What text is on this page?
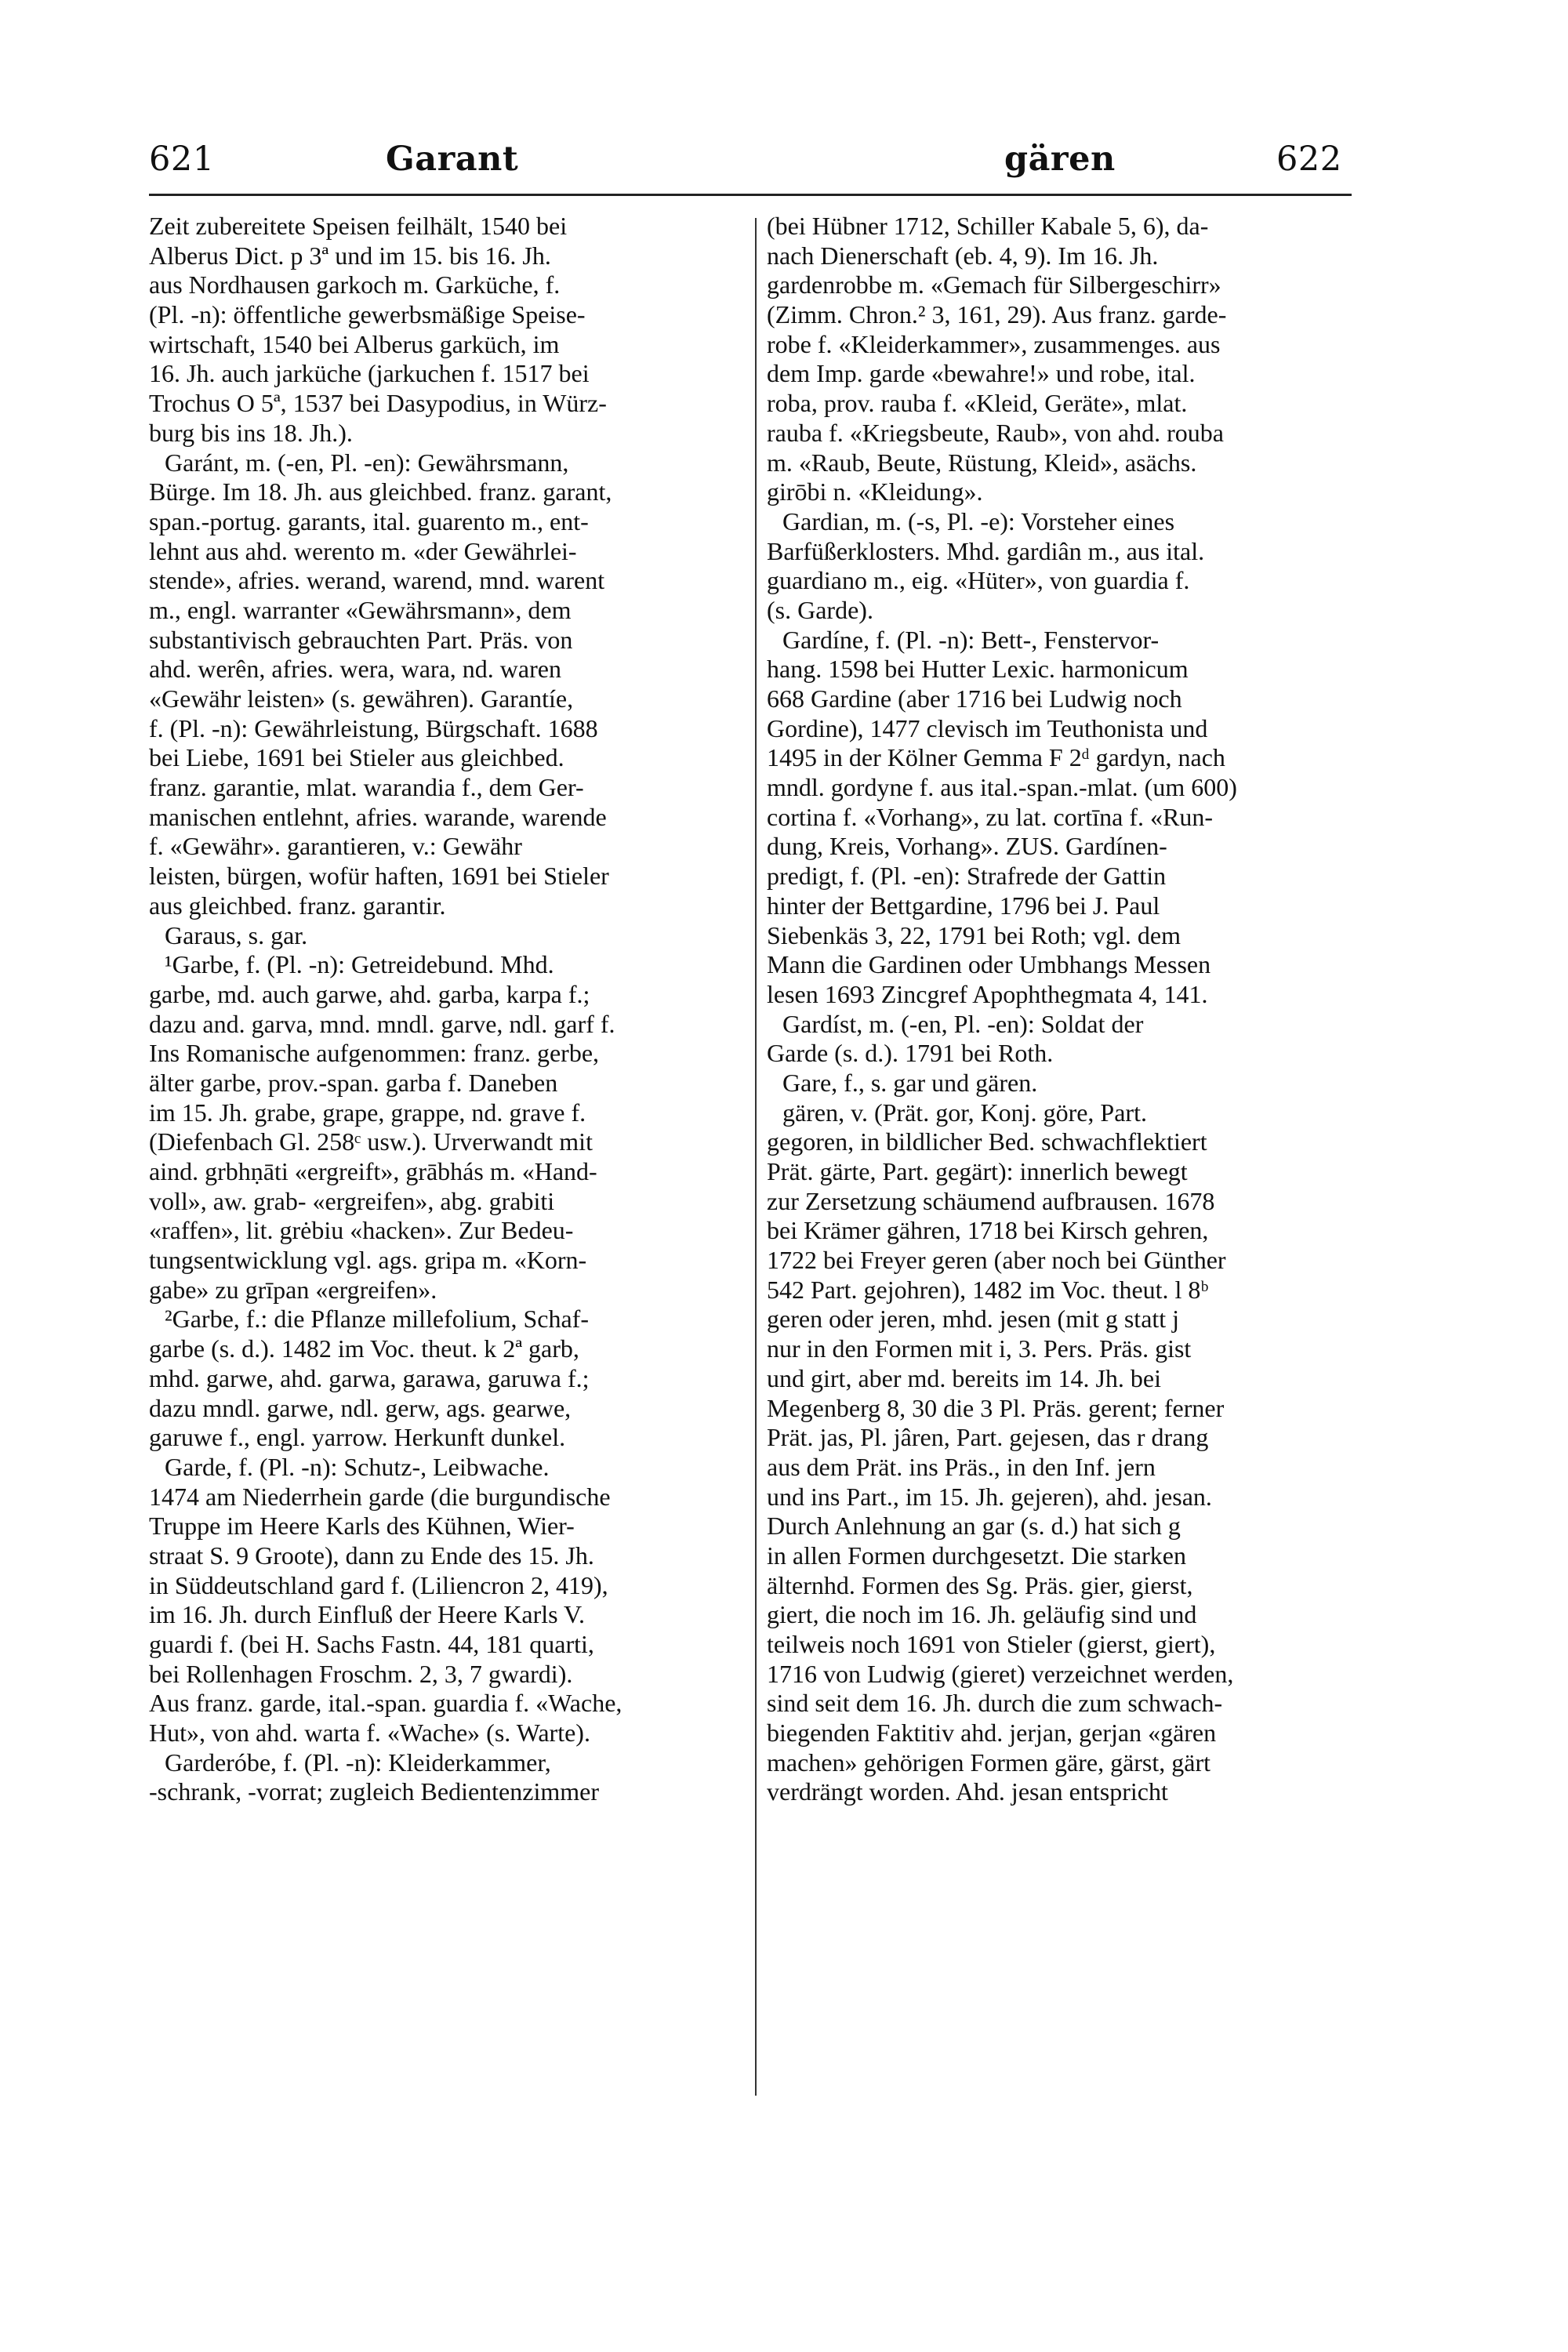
621	Garant	gären	622
Zeit zubereitete Speisen feilhält, 1540 bei
Alberus Dict. p 3ª und im 15. bis 16. Jh.
aus Nordhausen garkoch m. Garküche, f.
(Pl. -n): öffentliche gewerbsmäßige Speise-
wirtschaft, 1540 bei Alberus garküch, im
16. Jh. auch jarküche (jarkuchen f. 1517 bei
Trochus O 5ª, 1537 bei Dasypodius, in Würz-
burg bis ins 18. Jh.).
Garánt, m. (-en, Pl. -en): Gewährsmann,
Bürge. Im 18. Jh. aus gleichbed. franz. garant,
span.-portug. garants, ital. guarento m., ent-
lehnt aus ahd. werento m. «der Gewährlei-
stende», afries. werand, warend, mnd. warent
m., engl. warranter «Gewährsmann», dem
substantivisch gebrauchten Part. Präs. von
ahd. werên, afries. wera, wara, nd. waren
«Gewähr leisten» (s. gewähren). Garantíe,
f. (Pl. -n): Gewährleistung, Bürgschaft. 1688
bei Liebe, 1691 bei Stieler aus gleichbed.
franz. garantie, mlat. warandia f., dem Ger-
manischen entlehnt, afries. warande, warende
f. «Gewähr». garantieren, v.: Gewähr
leisten, bürgen, wofür haften, 1691 bei Stieler
aus gleichbed. franz. garantir.
Garaus, s. gar.
¹Garbe, f. (Pl. -n): Getreidebund. Mhd.
garbe, md. auch garwe, ahd. garba, karpa f.;
dazu and. garva, mnd. mndl. garve, ndl. garf f.
Ins Romanische aufgenommen: franz. gerbe,
älter garbe, prov.-span. garba f. Daneben
im 15. Jh. grabe, grape, grappe, nd. grave f.
(Diefenbach Gl. 258ᶜ usw.). Urverwandt mit
aind. grbhṇāti «ergreift», grābhás m. «Hand-
voll», aw. grab- «ergreifen», abg. grabiti
«raffen», lit. grėbiu «hacken». Zur Bedeu-
tungsentwicklung vgl. ags. gripa m. «Korn-
gabe» zu grīpan «ergreifen».
²Garbe, f.: die Pflanze millefolium, Schaf-
garbe (s. d.). 1482 im Voc. theut. k 2ª garb,
mhd. garwe, ahd. garwa, garawa, garuwa f.;
dazu mndl. garwe, ndl. gerw, ags. gearwe,
garuwe f., engl. yarrow. Herkunft dunkel.
Garde, f. (Pl. -n): Schutz-, Leibwache.
1474 am Niederrhein garde (die burgundische
Truppe im Heere Karls des Kühnen, Wier-
straat S. 9 Groote), dann zu Ende des 15. Jh.
in Süddeutschland gard f. (Liliencron 2, 419),
im 16. Jh. durch Einfluß der Heere Karls V.
guardi f. (bei H. Sachs Fastn. 44, 181 quarti,
bei Rollenhagen Froschm. 2, 3, 7 gwardi).
Aus franz. garde, ital.-span. guardia f. «Wache,
Hut», von ahd. warta f. «Wache» (s. Warte).
Garderóbe, f. (Pl. -n): Kleiderkammer,
-schrank, -vorrat; zugleich Bedientenzimmer
(bei Hübner 1712, Schiller Kabale 5, 6), da-
nach Dienerschaft (eb. 4, 9). Im 16. Jh.
gardenrobbe m. «Gemach für Silbergeschirr»
(Zimm. Chron.² 3, 161, 29). Aus franz. garde-
robe f. «Kleiderkammer», zusammenges. aus
dem Imp. garde «bewahre!» und robe, ital.
roba, prov. rauba f. «Kleid, Geräte», mlat.
rauba f. «Kriegsbeute, Raub», von ahd. rouba
m. «Raub, Beute, Rüstung, Kleid», asächs.
girōbi n. «Kleidung».
Gardian, m. (-s, Pl. -e): Vorsteher eines
Barfüßerklosters. Mhd. gardiân m., aus ital.
guardiano m., eig. «Hüter», von guardia f.
(s. Garde).
Gardíne, f. (Pl. -n): Bett-, Fenstervor-
hang. 1598 bei Hutter Lexic. harmonicum
668 Gardine (aber 1716 bei Ludwig noch
Gordine), 1477 clevisch im Teuthonista und
1495 in der Kölner Gemma F 2ᵈ gardyn, nach
mndl. gordyne f. aus ital.-span.-mlat. (um 600)
cortina f. «Vorhang», zu lat. cortīna f. «Run-
dung, Kreis, Vorhang». ZUS. Gardínen-
predigt, f. (Pl. -en): Strafrede der Gattin
hinter der Bettgardine, 1796 bei J. Paul
Siebenkäs 3, 22, 1791 bei Roth; vgl. dem
Mann die Gardinen oder Umbhangs Messen
lesen 1693 Zincgref Apophthegmata 4, 141.
Gardíst, m. (-en, Pl. -en): Soldat der
Garde (s. d.). 1791 bei Roth.
Gare, f., s. gar und gären.
gären, v. (Prät. gor, Konj. göre, Part.
gegoren, in bildlicher Bed. schwachflektiert
Prät. gärte, Part. gegärt): innerlich bewegt
zur Zersetzung schäumend aufbrausen. 1678
bei Krämer gähren, 1718 bei Kirsch gehren,
1722 bei Freyer geren (aber noch bei Günther
542 Part. gejohren), 1482 im Voc. theut. l 8ᵇ
geren oder jeren, mhd. jesen (mit g statt j
nur in den Formen mit i, 3. Pers. Präs. gist
und girt, aber md. bereits im 14. Jh. bei
Megenberg 8, 30 die 3 Pl. Präs. gerent; ferner
Prät. jas, Pl. jâren, Part. gejesen, das r drang
aus dem Prät. ins Präs., in den Inf. jern
und ins Part., im 15. Jh. gejeren), ahd. jesan.
Durch Anlehnung an gar (s. d.) hat sich g
in allen Formen durchgesetzt. Die starken
älternhd. Formen des Sg. Präs. gier, gierst,
giert, die noch im 16. Jh. geläufig sind und
teilweis noch 1691 von Stieler (gierst, giert),
1716 von Ludwig (gieret) verzeichnet werden,
sind seit dem 16. Jh. durch die zum schwach-
biegenden Faktitiv ahd. jerjan, gerjan «gären
machen» gehörigen Formen gäre, gärst, gärt
verdrängt worden. Ahd. jesan entspricht
